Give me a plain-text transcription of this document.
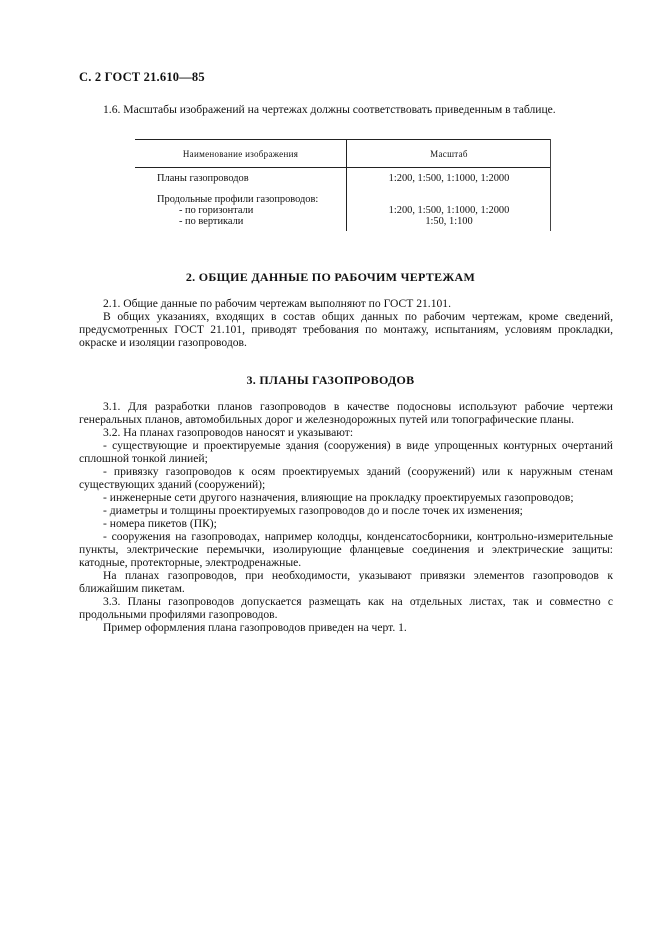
С. 2 ГОСТ 21.610—85
1.6. Масштабы изображений на чертежах должны соответствовать приведенным в таблице.
Наименование изображения	Масштаб
Планы газопроводов	1:200, 1:500, 1:1000, 1:2000
Продольные профили газопроводов:
- по горизонтали
- по вертикали
1:200, 1:500, 1:1000, 1:2000
1:50, 1:100
2. ОБЩИЕ ДАННЫЕ ПО РАБОЧИМ ЧЕРТЕЖАМ
2.1. Общие данные по рабочим чертежам выполняют по ГОСТ 21.101.
В общих указаниях, входящих в состав общих данных по рабочим чертежам, кроме сведений, предусмотренных ГОСТ 21.101, приводят требования по монтажу, испытаниям, условиям прокладки, окраске и изоляции газопроводов.
3. ПЛАНЫ ГАЗОПРОВОДОВ
3.1. Для разработки планов газопроводов в качестве подосновы используют рабочие чертежи генеральных планов, автомобильных дорог и железнодорожных путей или топографические планы.
3.2. На планах газопроводов наносят и указывают:
- существующие и проектируемые здания (сооружения) в виде упрощенных контурных очертаний сплошной тонкой линией;
- привязку газопроводов к осям проектируемых зданий (сооружений) или к наружным стенам существующих зданий (сооружений);
- инженерные сети другого назначения, влияющие на прокладку проектируемых газопроводов;
- диаметры и толщины проектируемых газопроводов до и после точек их изменения;
- номера пикетов (ПК);
- сооружения на газопроводах, например колодцы, конденсатосборники, контрольно-измерительные пункты, электрические перемычки, изолирующие фланцевые соединения и электрические защиты: катодные, протекторные, электродренажные.
На планах газопроводов, при необходимости, указывают привязки элементов газопроводов к ближайшим пикетам.
3.3. Планы газопроводов допускается размещать как на отдельных листах, так и совместно с продольными профилями газопроводов.
Пример оформления плана газопроводов приведен на черт. 1.
